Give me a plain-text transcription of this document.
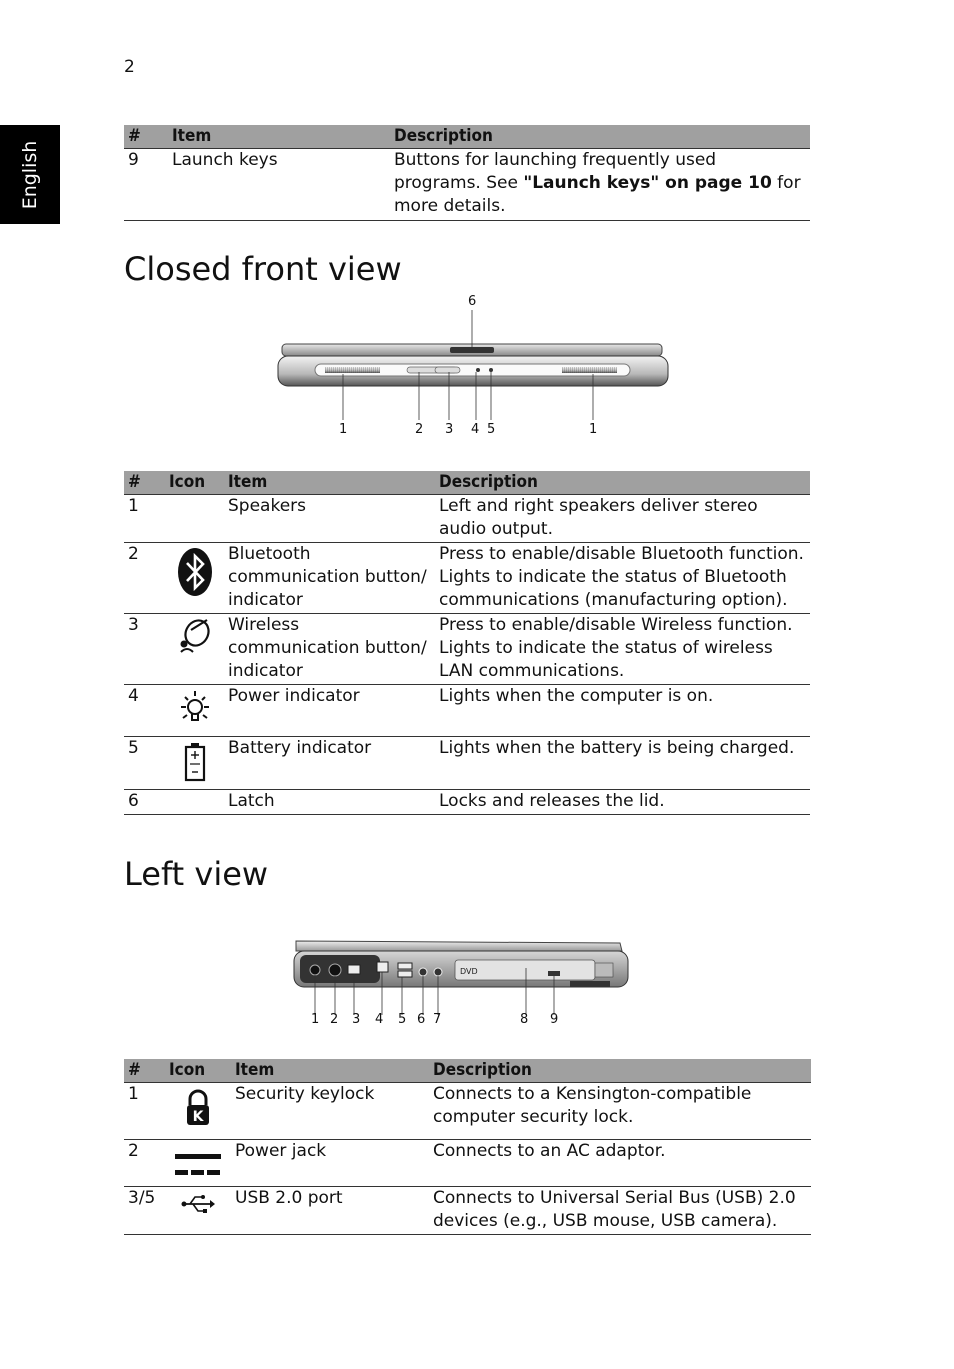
2
English
#	Item	Description
9	Launch keys	Buttons for launching frequently used programs. See "Launch keys" on page 10 for more details.
Closed front view
6
1	2 3 4 5	1
#	Icon	Item	Description
1		Speakers	Left and right speakers deliver stereo audio output.
2		Bluetooth communication button/ indicator	Press to enable/disable Bluetooth function. Lights to indicate the status of Bluetooth communications (manufacturing option).
3		Wireless communication button/ indicator	Press to enable/disable Wireless function. Lights to indicate the status of wireless LAN communications.
4		Power indicator	Lights when the computer is on.
5		Battery indicator	Lights when the battery is being charged.
6		Latch	Locks and releases the lid.
Left view
DVD
1 2 3 4 5 6 7	8 9
#	Icon	Item	Description
1	K	Security keylock	Connects to a Kensington-compatible computer security lock.
2		Power jack	Connects to an AC adaptor.
3/5		USB 2.0 port	Connects to Universal Serial Bus (USB) 2.0 devices (e.g., USB mouse, USB camera).
